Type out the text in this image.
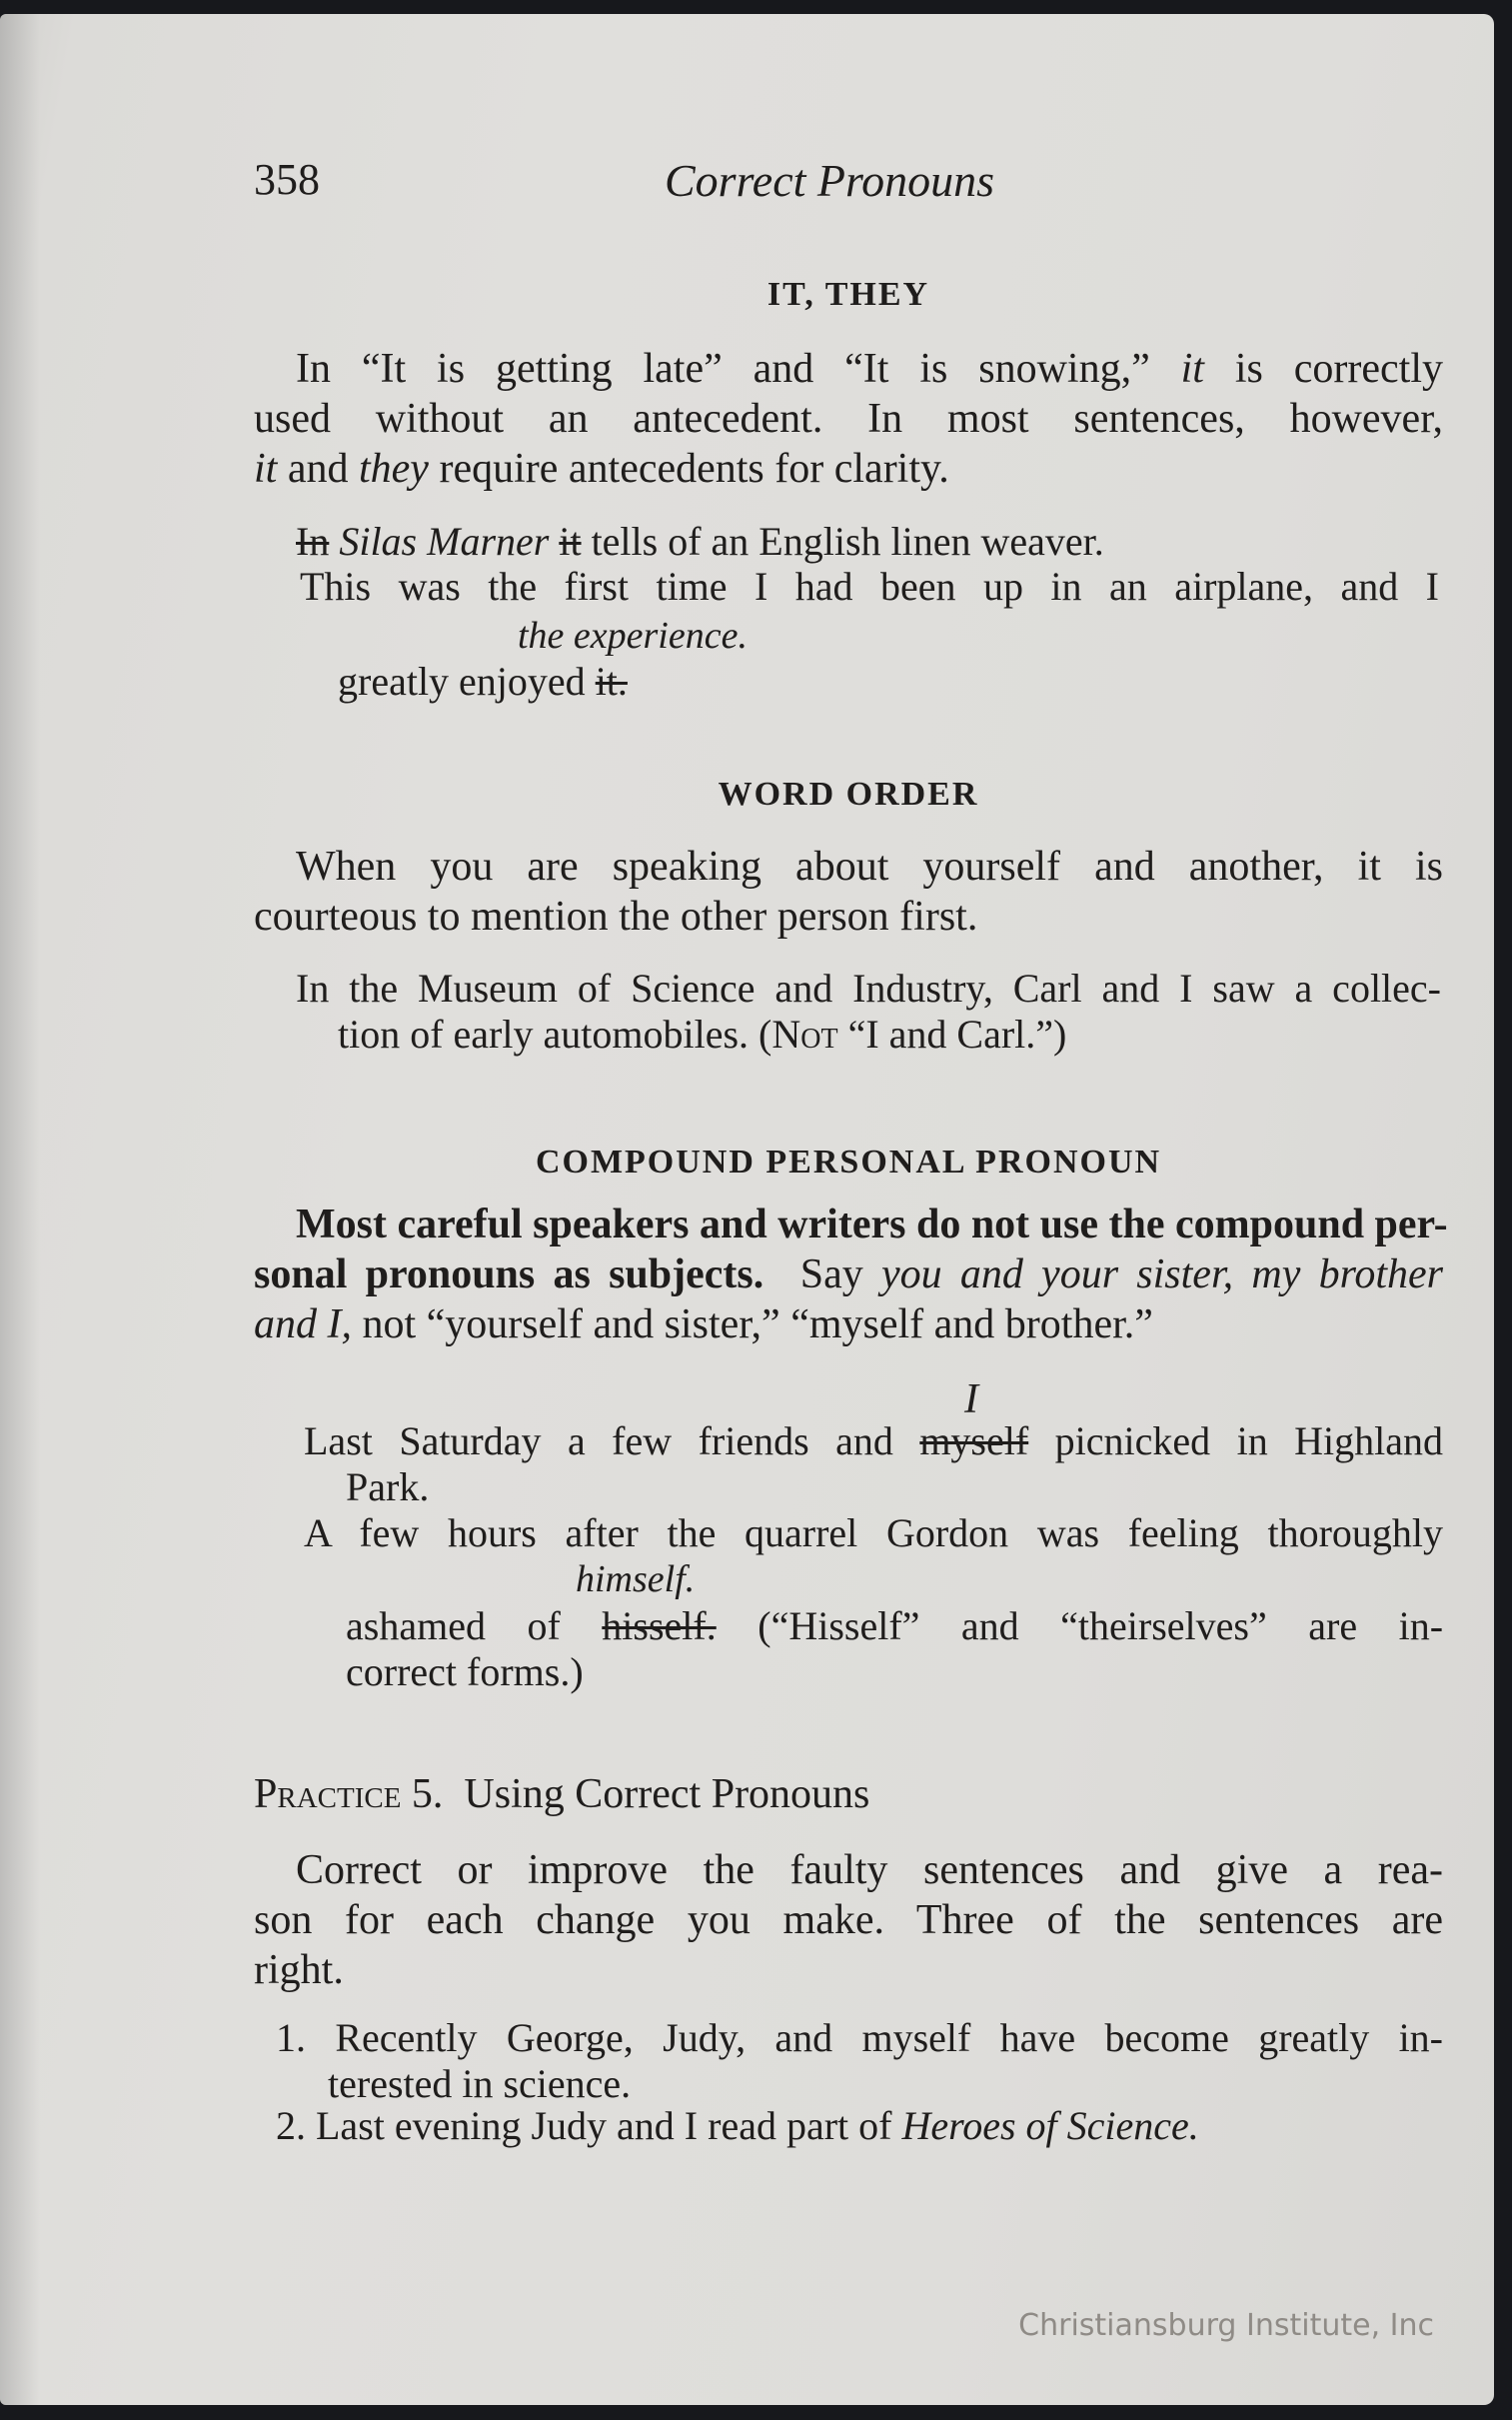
358	Correct Pronouns
IT, THEY
In “It is getting late” and “It is snowing,” it is correctly
used without an antecedent. In most sentences, however,
it and they require antecedents for clarity.
In Silas Marner it tells of an English linen weaver.
This was the first time I had been up in an airplane, and I
the experience.
greatly enjoyed it.
WORD ORDER
When you are speaking about yourself and another, it is
courteous to mention the other person first.
In the Museum of Science and Industry, Carl and I saw a collec-
tion of early automobiles. (Not “I and Carl.”)
COMPOUND PERSONAL PRONOUN
Most careful speakers and writers do not use the compound per-
sonal pronouns as subjects. Say you and your sister, my brother
and I, not “yourself and sister,” “myself and brother.”
I
Last Saturday a few friends and myself picnicked in Highland
Park.
A few hours after the quarrel Gordon was feeling thoroughly
himself.
ashamed of hisself. (“Hisself” and “theirselves” are in-
correct forms.)
Practice 5. Using Correct Pronouns
Correct or improve the faulty sentences and give a rea-
son for each change you make. Three of the sentences are
right.
1. Recently George, Judy, and myself have become greatly in-
terested in science.
2. Last evening Judy and I read part of Heroes of Science.
Christiansburg Institute, Inc
